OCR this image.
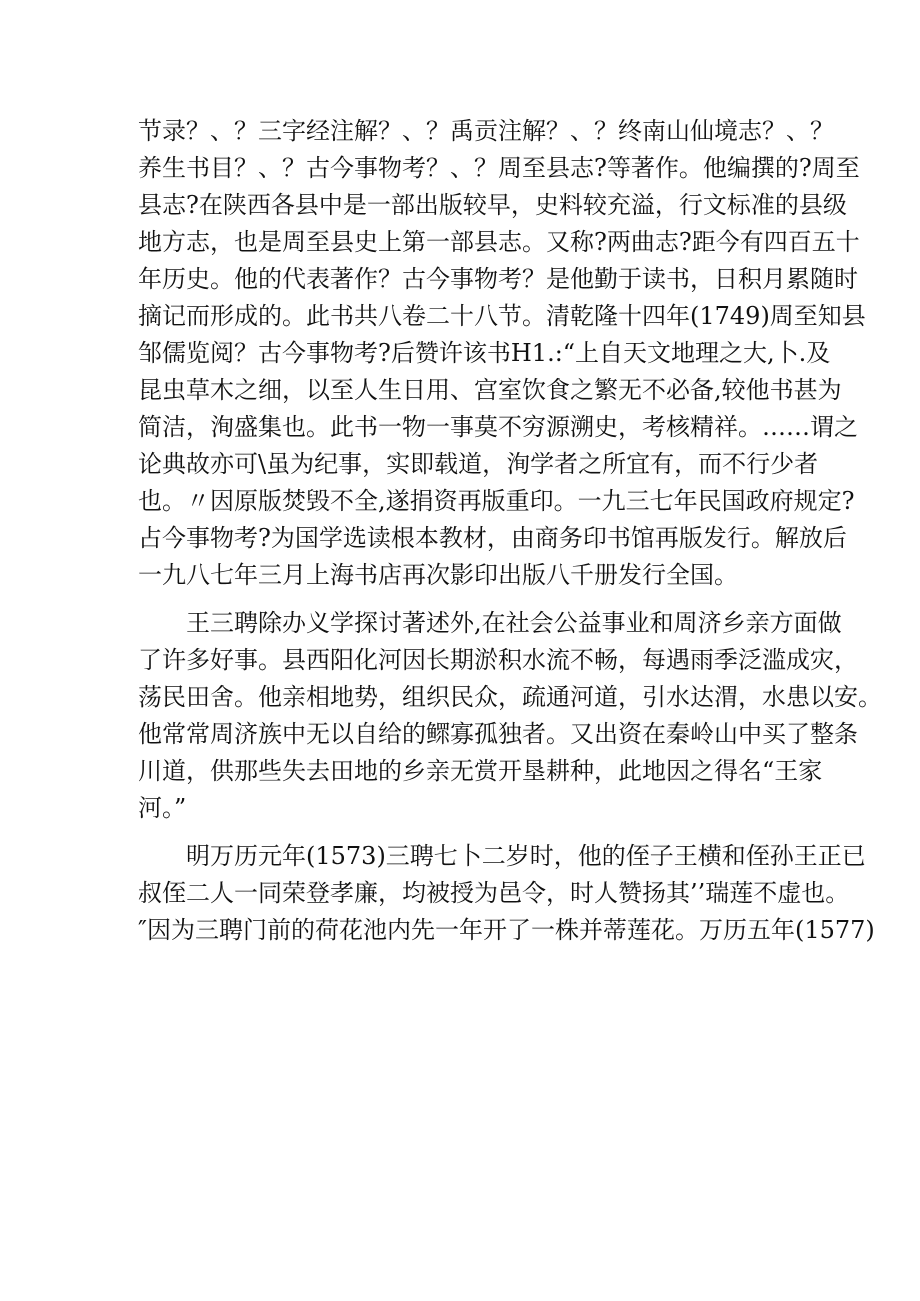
节录？、？三字经注解？、？禹贡注解？、？终南山仙境志？、？
养生书目？、？古今事物考？、？周至县志?等著作。他编撰的?周至
县志?在陕西各县中是一部出版较早，史料较充溢，行文标准的县级
地方志，也是周至县史上第一部县志。又称?两曲志?距今有四百五十
年历史。他的代表著作？古今事物考？是他勤于读书，日积月累随时
摘记而形成的。此书共八卷二十八节。清乾隆十四年(1749)周至知县
邹儒览阅？古今事物考?后赞许该书H1.:“上自天文地理之大,卜.及
昆虫草木之细，以至人生日用、宫室饮食之繁无不必备,较他书甚为
简洁，洵盛集也。此书一物一事莫不穷源溯史，考核精祥。……谓之
论典故亦可\虽为纪事，实即载道，洵学者之所宜有，而不行少者
也。〃因原版焚毁不全,遂捐资再版重印。一九三七年民国政府规定?
占今事物考?为国学选读根本教材，由商务印书馆再版发行。解放后
一九八七年三月上海书店再次影印出版八千册发行全国。
王三聘除办义学探讨著述外,在社会公益事业和周济乡亲方面做
了许多好事。县西阳化河因长期淤积水流不畅，每遇雨季泛滥成灾，
荡民田舍。他亲相地势，组织民众，疏通河道，引水达渭，水患以安。
他常常周济族中无以自给的鳏寡孤独者。又出资在秦岭山中买了整条
川道，供那些失去田地的乡亲无赏开垦耕种，此地因之得名“王家
河。”
明万历元年(1573)三聘七卜二岁时，他的侄子王横和侄孙王正已
叔侄二人一同荣登孝廉，均被授为邑令，时人赞扬其’’瑞莲不虚也。
″因为三聘门前的荷花池内先一年开了一株并蒂莲花。万历五年(1577)
